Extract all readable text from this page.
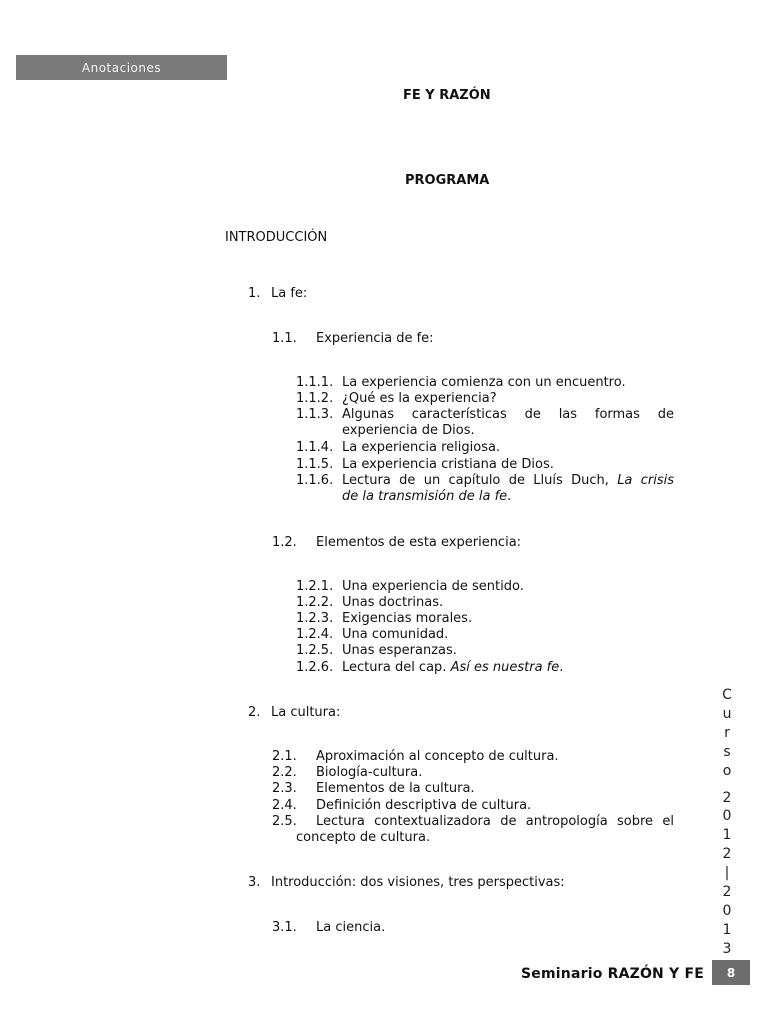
Anotaciones
FE Y RAZÓN
PROGRAMA
INTRODUCCIÓN
1. La fe:
1.1. Experiencia de fe:
1.1.1. La experiencia comienza con un encuentro.
1.1.2. ¿Qué es la experiencia?
1.1.3. Algunas características de las formas de
experiencia de Dios.
1.1.4. La experiencia religiosa.
1.1.5. La experiencia cristiana de Dios.
1.1.6. Lectura de un capítulo de Lluís Duch, La crisis
de la transmisión de la fe.
1.2. Elementos de esta experiencia:
1.2.1. Una experiencia de sentido.
1.2.2. Unas doctrinas.
1.2.3. Exigencias morales.
1.2.4. Una comunidad.
1.2.5. Unas esperanzas.
1.2.6. Lectura del cap. Así es nuestra fe.
2. La cultura:
2.1. Aproximación al concepto de cultura.
2.2. Biología-cultura.
2.3. Elementos de la cultura.
2.4. Definición descriptiva de cultura.
2.5. Lectura contextualizadora de antropología sobre el
concepto de cultura.
3. Introducción: dos visiones, tres perspectivas:
3.1. La ciencia.
C
u
r
s
o
2
0
1
2
|
2
0
1
3
Seminario RAZÓN Y FE 8
